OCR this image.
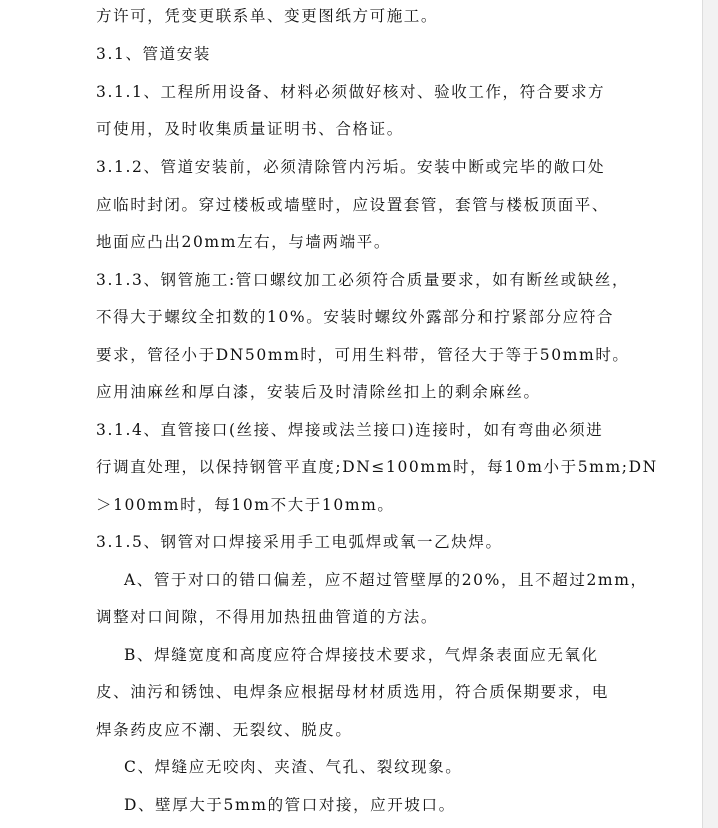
方许可，凭变更联系单、变更图纸方可施工。
3.1、管道安装
3.1.1、工程所用设备、材料必须做好核对、验收工作，符合要求方
可使用，及时收集质量证明书、合格证。
3.1.2、管道安装前，必须清除管内污垢。安装中断或完毕的敞口处
应临时封闭。穿过楼板或墙壁时，应设置套管，套管与楼板顶面平、
地面应凸出20mm左右，与墙两端平。
3.1.3、钢管施工:管口螺纹加工必须符合质量要求，如有断丝或缺丝，
不得大于螺纹全扣数的10%。安装时螺纹外露部分和拧紧部分应符合
要求，管径小于DN50mm时，可用生料带，管径大于等于50mm时。
应用油麻丝和厚白漆，安装后及时清除丝扣上的剩余麻丝。
3.1.4、直管接口(丝接、焊接或法兰接口)连接时，如有弯曲必须进
行调直处理，以保持钢管平直度;DN≤100mm时，每10m小于5mm;DN
＞100mm时，每10m不大于10mm。
3.1.5、钢管对口焊接采用手工电弧焊或氧一乙炔焊。
A、管于对口的错口偏差，应不超过管壁厚的20%，且不超过2mm，
调整对口间隙，不得用加热扭曲管道的方法。
B、焊缝宽度和高度应符合焊接技术要求，气焊条表面应无氧化
皮、油污和锈蚀、电焊条应根据母材材质选用，符合质保期要求，电
焊条药皮应不潮、无裂纹、脱皮。
C、焊缝应无咬肉、夹渣、气孔、裂纹现象。
D、壁厚大于5mm的管口对接，应开坡口。
